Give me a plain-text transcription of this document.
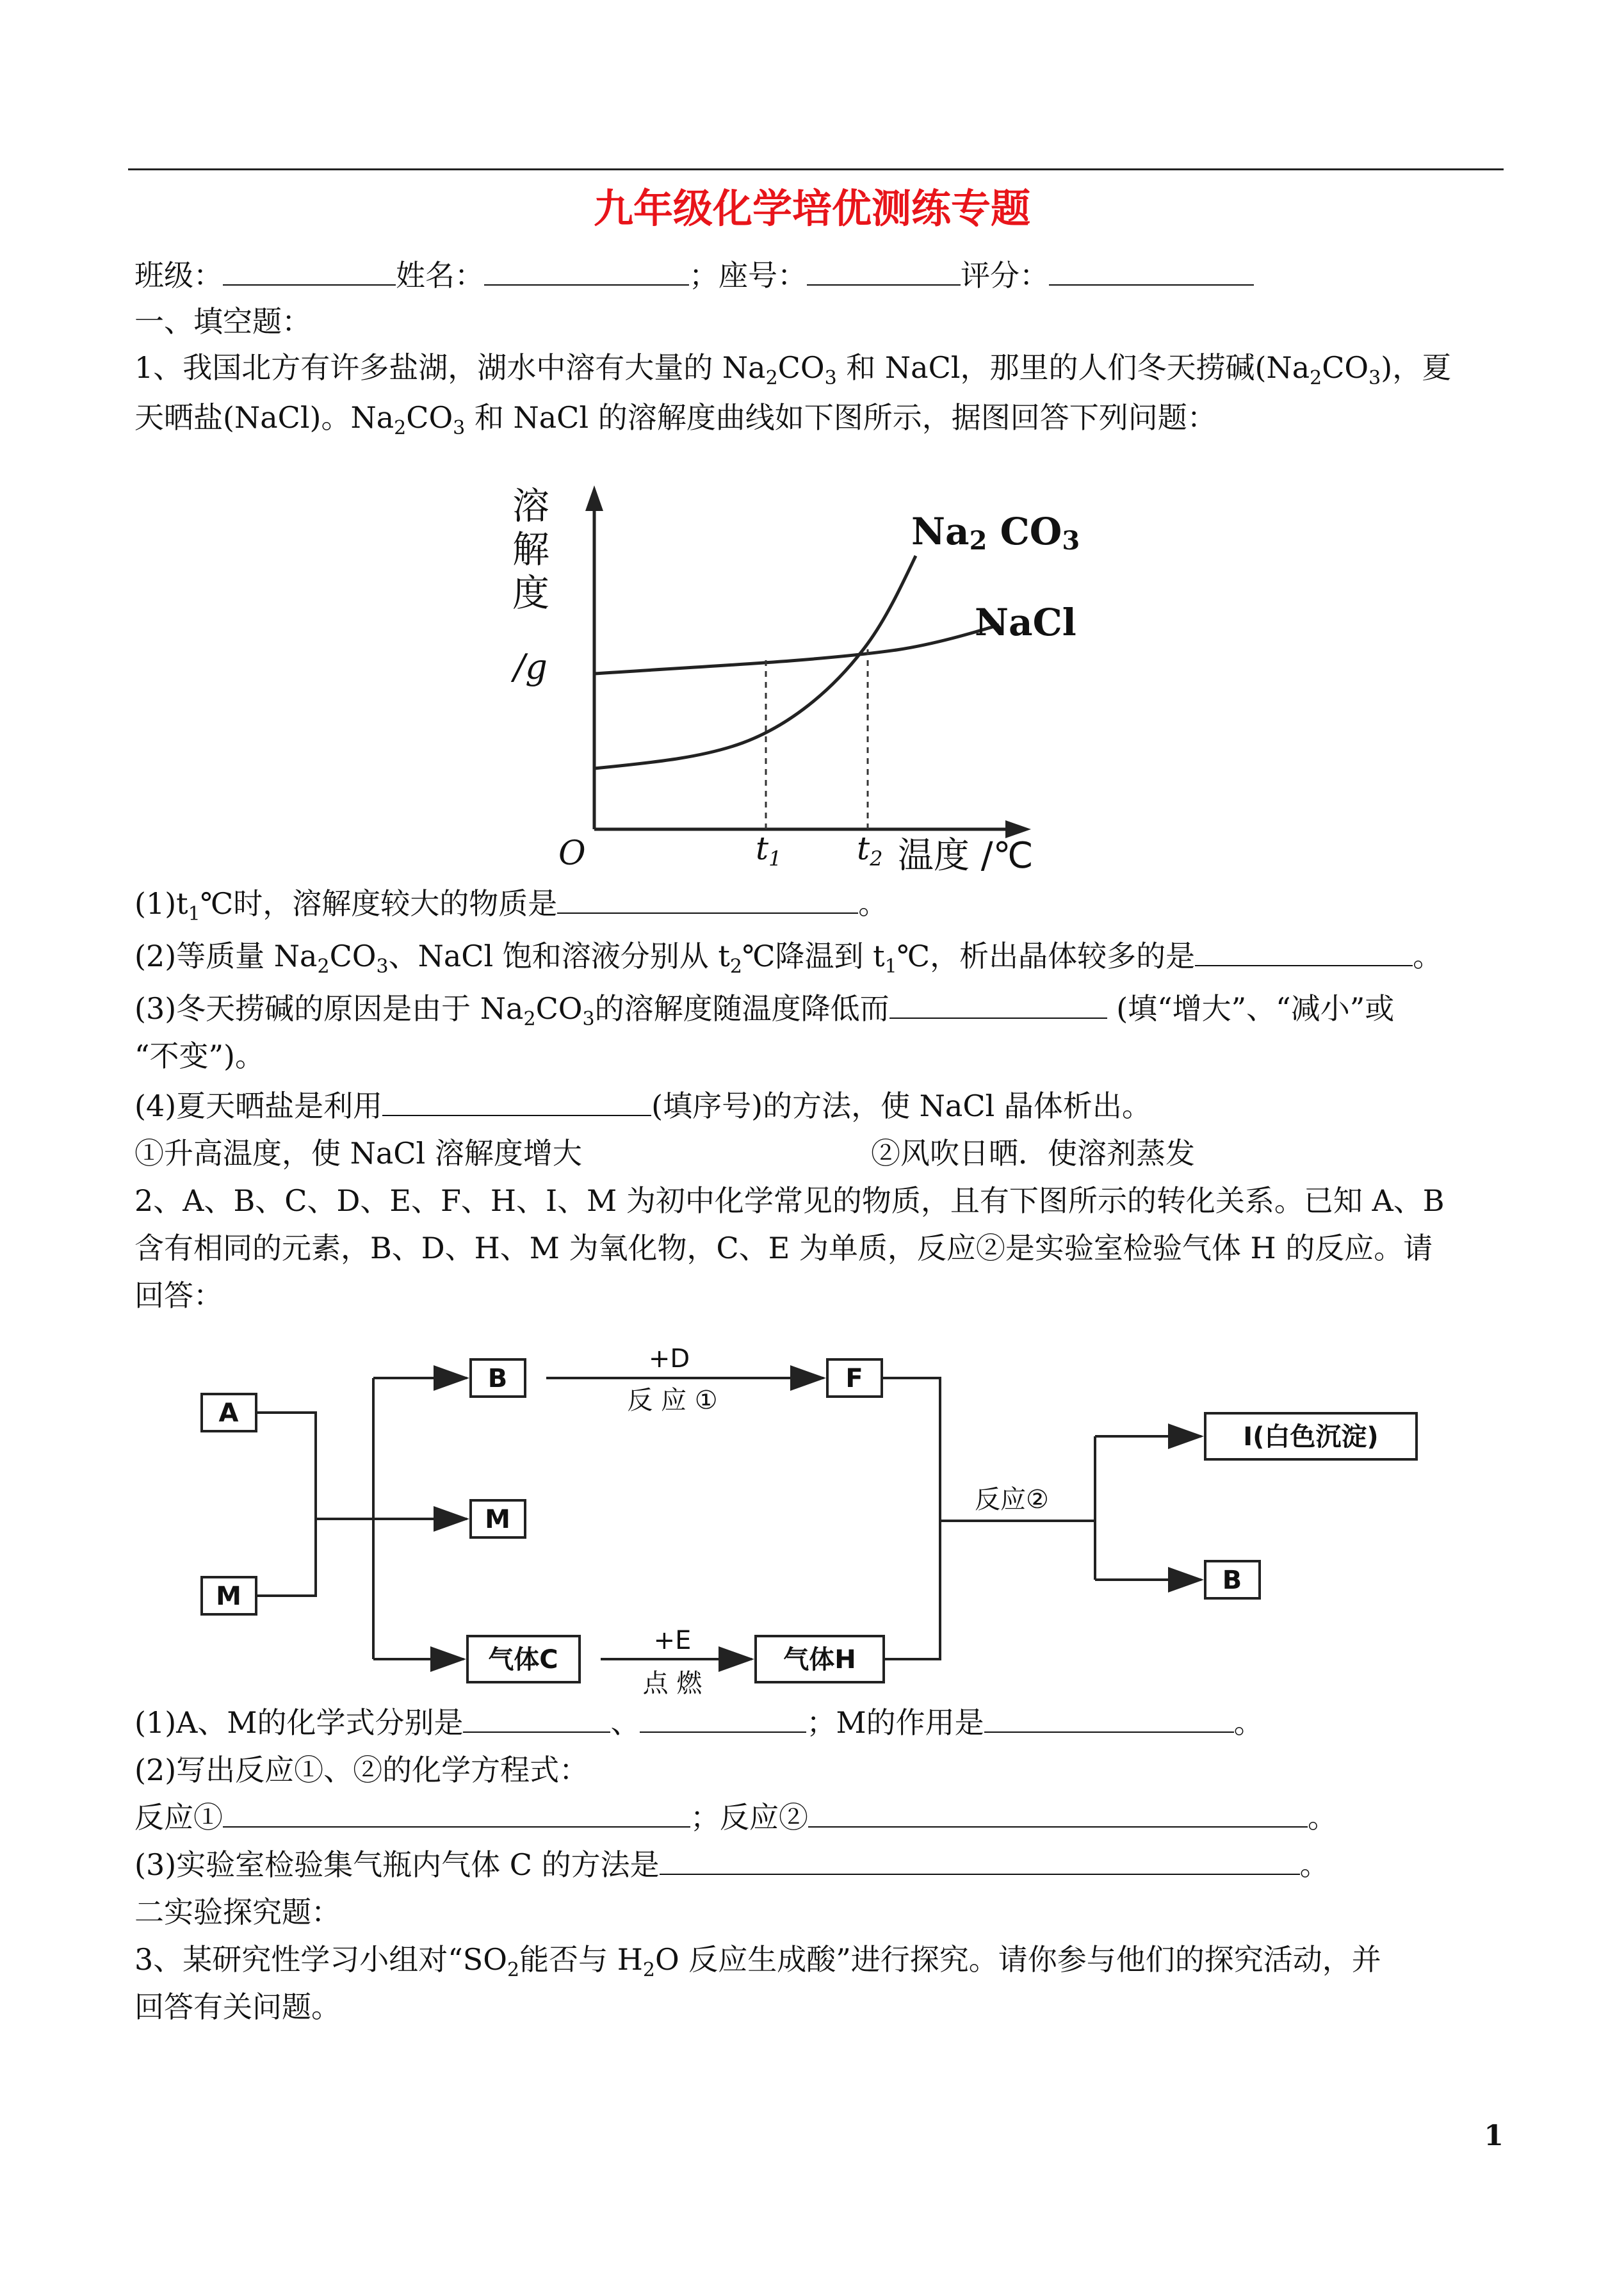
九年级化学培优测练专题
班级：	姓名：	；座号：	评分：
一、填空题：
1、我国北方有许多盐湖，湖水中溶有大量的 $Na_2CO_3$ 和 NaCl，那里的人们冬天捞碱$(Na_2CO_3)$，夏
天晒盐(NaCl)。$Na_2CO_3$ 和 NaCl 的溶解度曲线如下图所示，据图回答下列问题：
溶
解
度
/g
O	$t_1$ $t_2$ 温度 /℃
Na2 CO3
NaCl
$(1)t_1℃$时，溶解度较大的物质是	。
(2)等质量 $Na_2CO_3$、NaCl 饱和溶液分别从 $t_2℃$降温到 $t_1℃$，析出晶体较多的是	。
(3)冬天捞碱的原因是由于 $Na_2CO_3$的溶解度随温度降低而	(填“增大”、“减小”或
“不变”)。
(4)夏天晒盐是利用	(填序号)的方法，使 NaCl 晶体析出。
①升高温度，使 NaCl 溶解度增大	②风吹日晒．使溶剂蒸发
2、A、B、C、D、E、F、H、I、M 为初中化学常见的物质，且有下图所示的转化关系。已知 A、B
含有相同的元素，B、D、H、M 为氧化物，C、E 为单质，反应②是实验室检验气体 H 的反应。请
回答：
A
M
B
M
气体C
F
气体H
I(白色沉淀)
B
+D
反 应 ①
+E
点 燃
反应②
(1)A、M的化学式分别是	、	；M的作用是	。
(2)写出反应①、②的化学方程式：
反应①	；反应②	。
(3)实验室检验集气瓶内气体 C 的方法是	。
二实验探究题：
3、某研究性学习小组对“$SO_2$能否与 $H_2O$ 反应生成酸”进行探究。请你参与他们的探究活动，并
回答有关问题。
1
